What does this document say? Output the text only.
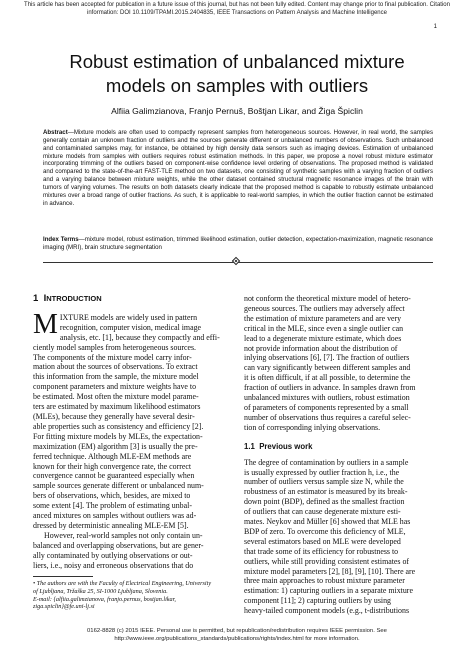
This article has been accepted for publication in a future issue of this journal, but has not been fully edited. Content may change prior to final publication. Citation
information: DOI 10.1109/TPAMI.2015.2404835, IEEE Transactions on Pattern Analysis and Machine Intelligence
1
Robust estimation of unbalanced mixture
models on samples with outliers
Alfiia Galimzianova, Franjo Pernuš, Boštjan Likar, and Žiga Špiclin
Abstract—Mixture models are often used to compactly represent samples from heterogeneous sources. However, in real world, the samples generally contain an unknown fraction of outliers and the sources generate different or unbalanced numbers of observations. Such unbalanced and contaminated samples may, for instance, be obtained by high density data sensors such as imaging devices. Estimation of unbalanced mixture models from samples with outliers requires robust estimation methods. In this paper, we propose a novel robust mixture estimator incorporating trimming of the outliers based on component-wise confidence level ordering of observations. The proposed method is validated and compared to the state-of-the-art FAST-TLE method on two datasets, one consisting of synthetic samples with a varying fraction of outliers and a varying balance between mixture weights, while the other dataset contained structural magnetic resonance images of the brain with tumors of varying volumes. The results on both datasets clearly indicate that the proposed method is capable to robustly estimate unbalanced mixtures over a broad range of outlier fractions. As such, it is applicable to real-world samples, in which the outlier fraction cannot be estimated in advance.
Index Terms—mixture model, robust estimation, trimmed likelihood estimation, outlier detection, expectation-maximization, magnetic resonance imaging (MRI), brain structure segmentation
1 INTRODUCTION
M IXTURE models are widely used in pattern
recognition, computer vision, medical image
analysis, etc. [1], because they compactly and effi-
ciently model samples from heterogeneous sources.
The components of the mixture model carry infor-
mation about the sources of observations. To extract
this information from the sample, the mixture model
component parameters and mixture weights have to
be estimated. Most often the mixture model parame-
ters are estimated by maximum likelihood estimators
(MLEs), because they generally have several desir-
able properties such as consistency and efficiency [2].
For fitting mixture models by MLEs, the expectation-
maximization (EM) algorithm [3] is usually the pre-
ferred technique. Although MLE-EM methods are
known for their high convergence rate, the correct
convergence cannot be guaranteed especially when
sample sources generate different or unbalanced num-
bers of observations, which, besides, are mixed to
some extent [4]. The problem of estimating unbal-
anced mixtures on samples without outliers was ad-
dressed by deterministic annealing MLE-EM [5].
However, real-world samples not only contain un-
balanced and overlapping observations, but are gener-
ally contaminated by outlying observations or out-
liers, i.e., noisy and erroneous observations that do
• The authors are with the Faculty of Electrical Engineering, University
of Ljubljana, Tržaška 25, SI-1000 Ljubljana, Slovenia.
E-mail: {alfiia.galimzianova, franjo.pernus, bostjan.likar,
ziga.spiclin}@fe.uni-lj.si
not conform the theoretical mixture model of hetero-
geneous sources. The outliers may adversely affect
the estimation of mixture parameters and are very
critical in the MLE, since even a single outlier can
lead to a degenerate mixture estimate, which does
not provide information about the distribution of
inlying observations [6], [7]. The fraction of outliers
can vary significantly between different samples and
it is often difficult, if at all possible, to determine the
fraction of outliers in advance. In samples drawn from
unbalanced mixtures with outliers, robust estimation
of parameters of components represented by a small
number of observations thus requires a careful selec-
tion of corresponding inlying observations.
1.1 Previous work
The degree of contamination by outliers in a sample
is usually expressed by outlier fraction h, i.e., the
number of outliers versus sample size N, while the
robustness of an estimator is measured by its break-
down point (BDP), defined as the smallest fraction
of outliers that can cause degenerate mixture esti-
mates. Neykov and Müller [6] showed that MLE has
BDP of zero. To overcome this deficiency of MLE,
several estimators based on MLE were developed
that trade some of its efficiency for robustness to
outliers, while still providing consistent estimates of
mixture model parameters [2], [8], [9], [10]. There are
three main approaches to robust mixture parameter
estimation: 1) capturing outliers in a separate mixture
component [11]; 2) capturing outliers by using
heavy-tailed component models (e.g., t-distributions
0162-8828 (c) 2015 IEEE. Personal use is permitted, but republication/redistribution requires IEEE permission. See
http://www.ieee.org/publications_standards/publications/rights/index.html for more information.
